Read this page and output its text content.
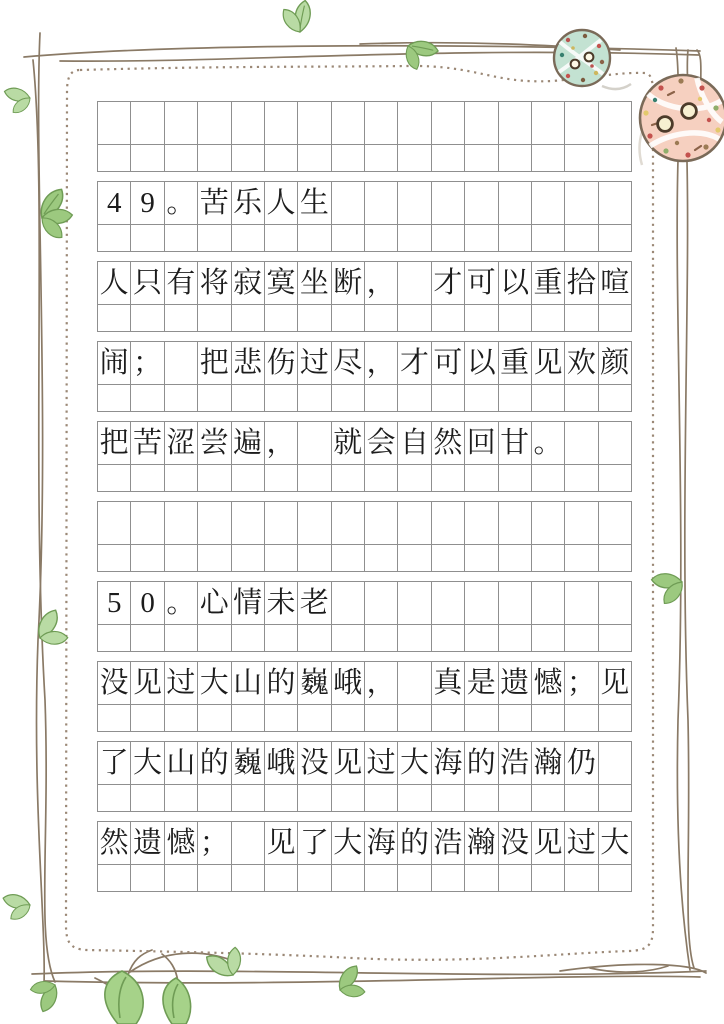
4 9 。 苦 乐 人 生
人 只 有 将 寂 寞 坐 断 ， 才 可 以 重 拾 喧
闹 ； 把 悲 伤 过 尽 ， 才 可 以 重 见 欢 颜
把 苦 涩 尝 遍 ， 就 会 自 然 回 甘 。
5 0 。 心 情 未 老
没 见 过 大 山 的 巍 峨 ， 真 是 遗 憾 ； 见
了 大 山 的 巍 峨 没 见 过 大 海 的 浩 瀚 仍
然 遗 憾 ； 见 了 大 海 的 浩 瀚 没 见 过 大
